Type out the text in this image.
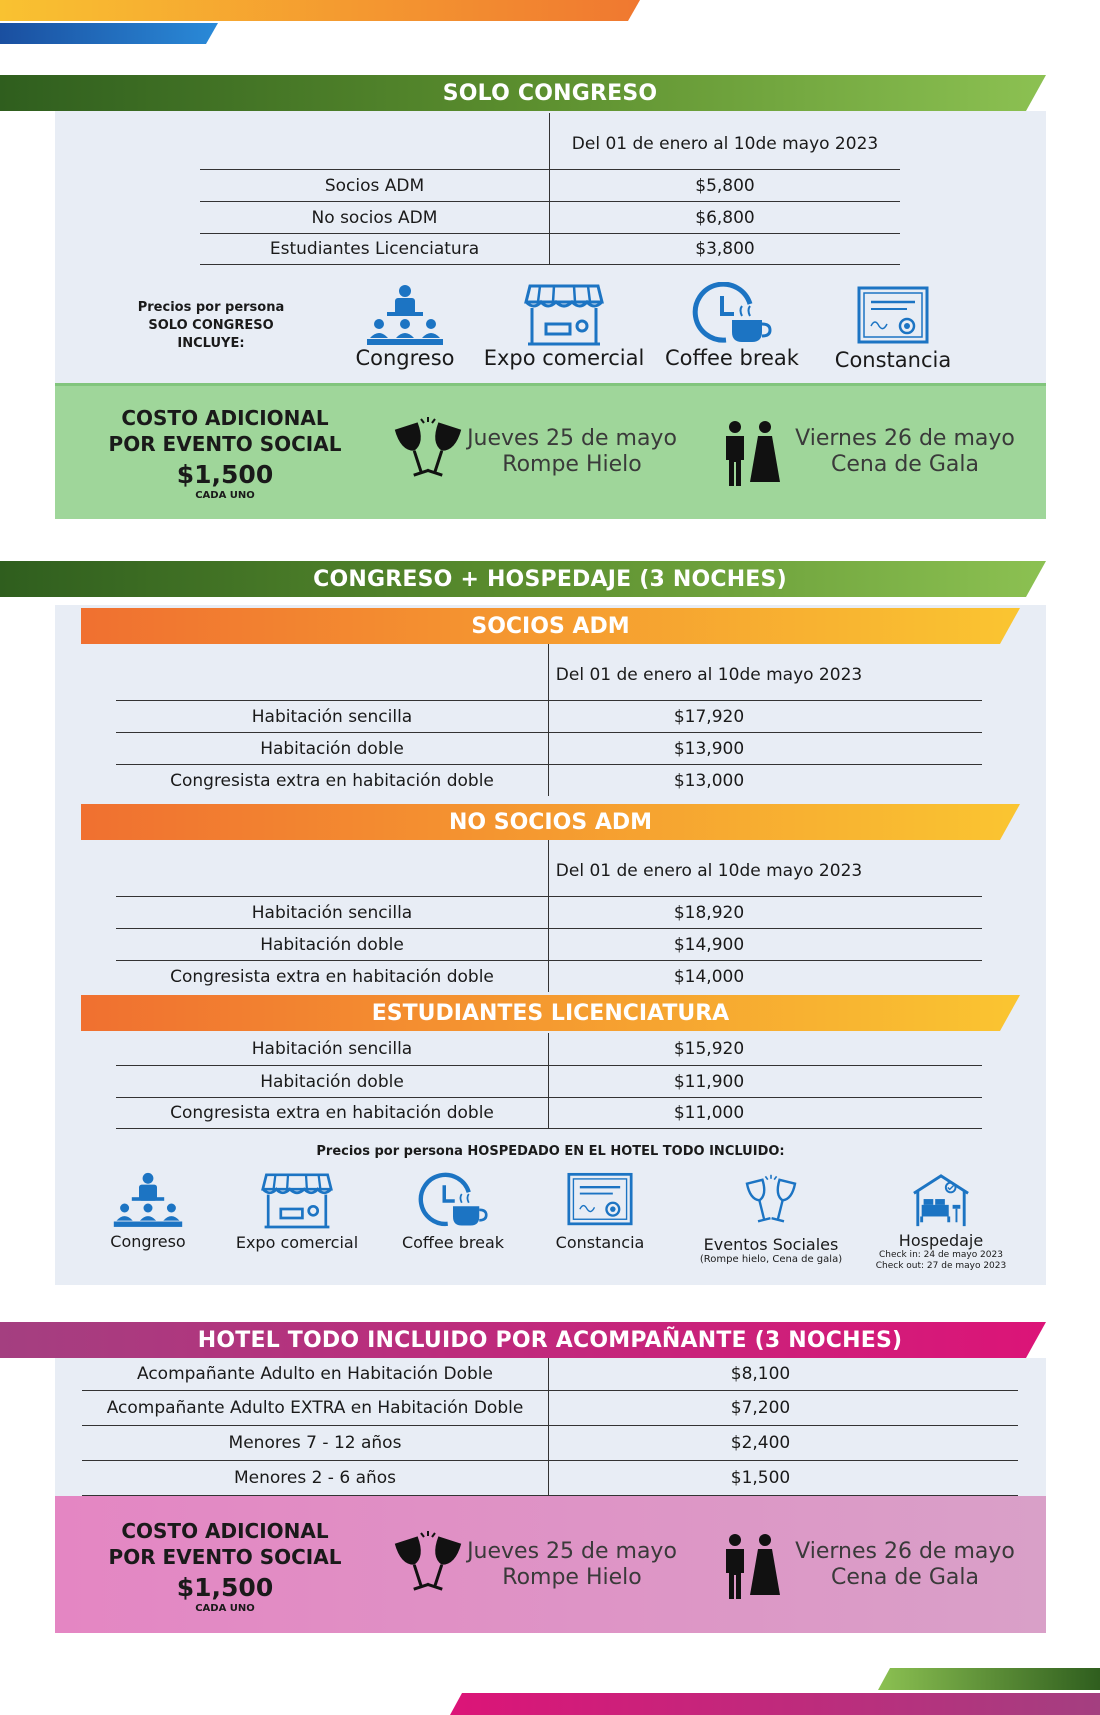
SOLO CONGRESO
Del 01 de enero al 10 de mayo 2023
Socios ADM	$5,800
No socios ADM	$6,800
Estudiantes Licenciatura	$3,800
Precios por persona
SOLO CONGRESO
INCLUYE:
Congreso	Expo comercial Coffee break	Constancia
COSTO ADICIONAL
POR EVENTO SOCIAL
$1,500
CADA UNO
Jueves 25 de mayo
Rompe Hielo
Viernes 26 de mayo
Cena de Gala
CONGRESO + HOSPEDAJE (3 NOCHES)
SOCIOS ADM
Del 01 de enero al 10 de mayo 2023
Habitación sencilla	$17,920
Habitación doble	$13,900
Congresista extra en habitación doble	$13,000
NO SOCIOS ADM
Del 01 de enero al 10 de mayo 2023
Habitación sencilla	$18,920
Habitación doble	$14,900
Congresista extra en habitación doble	$14,000
ESTUDIANTES LICENCIATURA
Habitación sencilla	$15,920
Habitación doble	$11,900
Congresista extra en habitación doble	$11,000
Precios por persona HOSPEDADO EN EL HOTEL TODO INCLUIDO:
Congreso	Expo comercial	Coffee break	Constancia	Eventos Sociales
(Rompe hielo, Cena de gala)
Hospedaje
Check in: 24 de mayo 2023
Check out: 27 de mayo 2023
HOTEL TODO INCLUIDO POR ACOMPAÑANTE (3 NOCHES)
Acompañante Adulto en Habitación Doble	$8,100
Acompañante Adulto EXTRA en Habitación Doble	$7,200
Menores 7 - 12 años	$2,400
Menores 2 - 6 años	$1,500
COSTO ADICIONAL
POR EVENTO SOCIAL
$1,500
CADA UNO
Jueves 25 de mayo
Rompe Hielo
Viernes 26 de mayo
Cena de Gala
